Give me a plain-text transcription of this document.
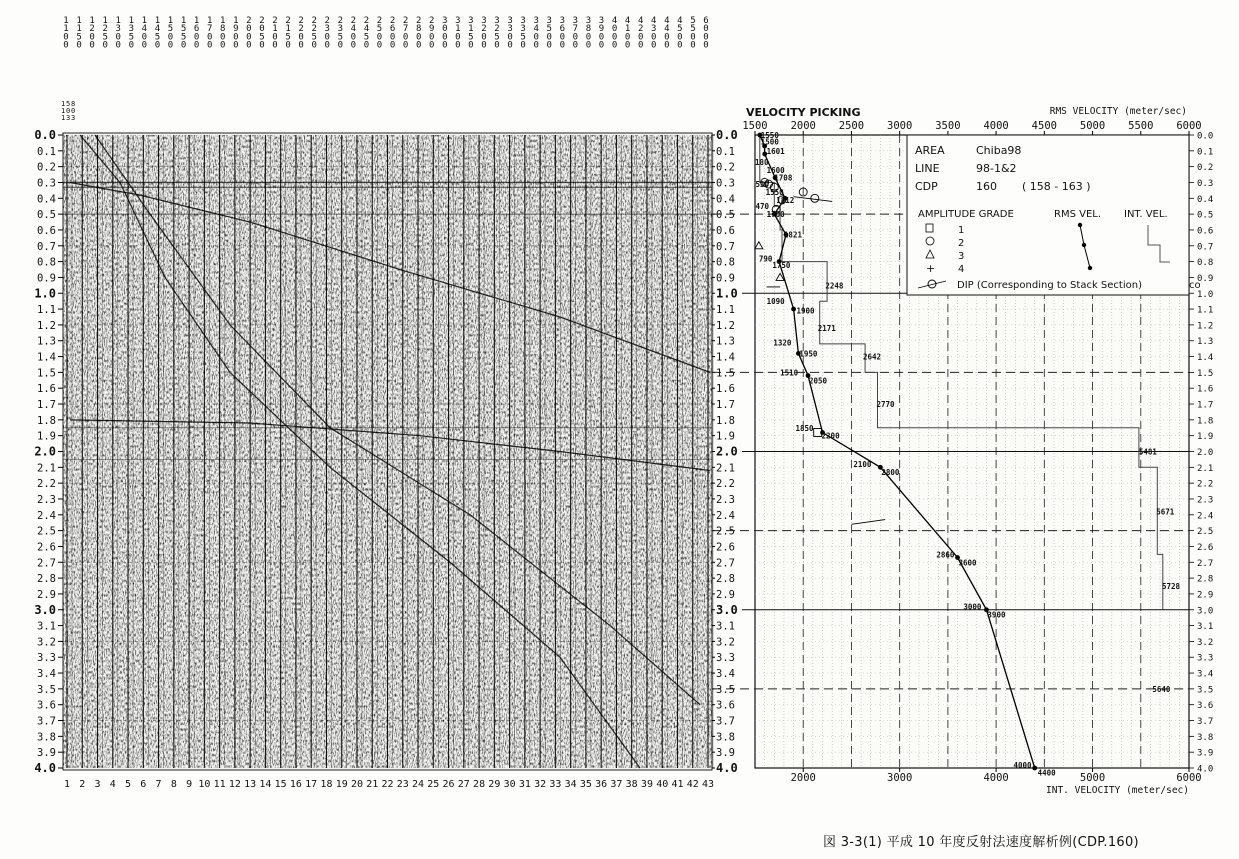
1
1
0
0
1
1
5
0
1
2
0
0
1
2
5
0
1
3
0
0
1
3
5
0
1
4
0
0
1
4
5
0
1
5
0
0
1
5
5
0
1
6
0
0
1
7
0
0
1
8
0
0
1
9
0
0
2
0
0
0
2
0
5
0
2
1
0
0
2
1
5
0
2
2
0
0
2
2
5
0
2
3
0
0
2
3
5
0
2
4
0
0
2
4
5
0
2
5
0
0
2
6
0
0
2
7
0
0
2
8
0
0
2
9
0
0
3
0
0
0
3
1
0
0
3
1
5
0
3
2
0
0
3
2
5
0
3
3
0
0
3
3
5
0
3
4
0
0
3
5
0
0
3
6
0
0
3
7
0
0
3
8
0
0
3
9
0
0
4
0
0
0
4
1
0
0
4
2
0
0
4
3
0
0
4
4
0
0
4
5
0
0
5
5
0
0
6
0
0
0
1 5 8
1 0 0
1 3 3
0.0	0.0	0.0
0.1	0.1	0.1
0.2	0.2	0.2
0.3	0.3	0.3
0.4	0.4	0.4
0.5	0.5	0.5
0.6	0.6	0.6
0.7	0.7	0.7
0.8	0.8	0.8
0.9	0.9	0.9
1.0	1.0	1.0
1.1	1.1	1.1
1.2	1.2	1.2
1.3	1.3	1.3
1.4	1.4	1.4
1.5	1.5	1.5
1.6	1.6	1.6
1.7	1.7	1.7
1.8	1.8	1.8
1.9	1.9	1.9
2.0	2.0	2.0
2.1	2.1	2.1
2.2	2.2	2.2
2.3	2.3	2.3
2.4	2.4	2.4
2.5	2.5	2.5
2.6	2.6	2.6
2.7	2.7	2.7
2.8	2.8	2.8
2.9	2.9	2.9
3.0	3.0	3.0
3.1	3.1	3.1
3.2	3.2	3.2
3.3	3.3	3.3
3.4	3.4	3.4
3.5	3.5	3.5
3.6	3.6	3.6
3.7	3.7	3.7
3.8	3.8	3.8
3.9	3.9	3.9
4.0	4.0	4.0
1 2 3 4 5 6 7 8 9 10 11 12 13 14 15 16 17 18 19 20 21 22 23 24 25 26 27 28 29 30 31 32 33 34 35 36 37 38 39 40 41 42 43
VELOCITY PICKING	RMS VELOCITY (meter/sec)
1500 2000 2500 3000 3500 4000 4500 5000 5500 6000
2000	3000	4000	5000	6000
INT. VELOCITY (meter/sec)
1550
1500
1601
180
1600
1708
530
1550
1812
470
1700
1821
790
1750
2248
1090
1900
2171
1320
1950	2642
1510
2050
2770
1850
2200
5481
2100
2800
5671
2860
3600
5728
3000
3900
5640
4000
4400
AREA	Chiba98
LINE	98-1&2
CDP	160 ( 158 - 163 )
AMPLITUDE GRADE	RMS VEL. INT. VEL.
1
2
3
4
+
DIP (Corresponding to Stack Section)	co
図 3-3(1) 平成 10 年度反射法速度解析例(CDP.160)
